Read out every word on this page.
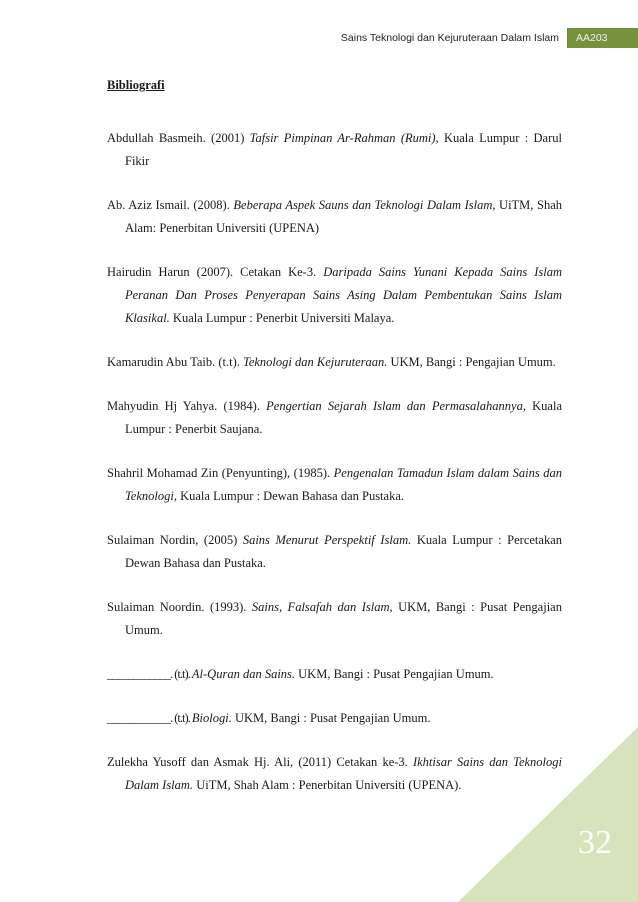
Sains Teknologi dan Kejuruteraan Dalam Islam	AA203

Bibliografi

Abdullah Basmeih. (2001) Tafsir Pimpinan Ar-Rahman (Rumi), Kuala Lumpur : Darul Fikir

Ab. Aziz Ismail. (2008). Beberapa Aspek Sauns dan Teknologi Dalam Islam, UiTM, Shah Alam: Penerbitan Universiti (UPENA)

Hairudin Harun (2007). Cetakan Ke-3. Daripada Sains Yunani Kepada Sains Islam Peranan Dan Proses Penyerapan Sains Asing Dalam Pembentukan Sains Islam Klasikal. Kuala Lumpur : Penerbit Universiti Malaya.

Kamarudin Abu Taib. (t.t). Teknologi dan Kejuruteraan. UKM, Bangi : Pengajian Umum.

Mahyudin Hj Yahya. (1984). Pengertian Sejarah Islam dan Permasalahannya, Kuala Lumpur : Penerbit Saujana.

Shahril Mohamad Zin (Penyunting), (1985). Pengenalan Tamadun Islam dalam Sains dan Teknologi, Kuala Lumpur : Dewan Bahasa dan Pustaka.

Sulaiman Nordin, (2005) Sains Menurut Perspektif Islam. Kuala Lumpur : Percetakan Dewan Bahasa dan Pustaka.

Sulaiman Noordin. (1993). Sains, Falsafah dan Islam, UKM, Bangi : Pusat Pengajian Umum.

____________. (t.t). Al-Quran dan Sains. UKM, Bangi : Pusat Pengajian Umum.

____________. (t.t). Biologi. UKM, Bangi : Pusat Pengajian Umum.

Zulekha Yusoff dan Asmak Hj. Ali, (2011) Cetakan ke-3. Ikhtisar Sains dan Teknologi Dalam Islam. UiTM, Shah Alam : Penerbitan Universiti (UPENA).

32
